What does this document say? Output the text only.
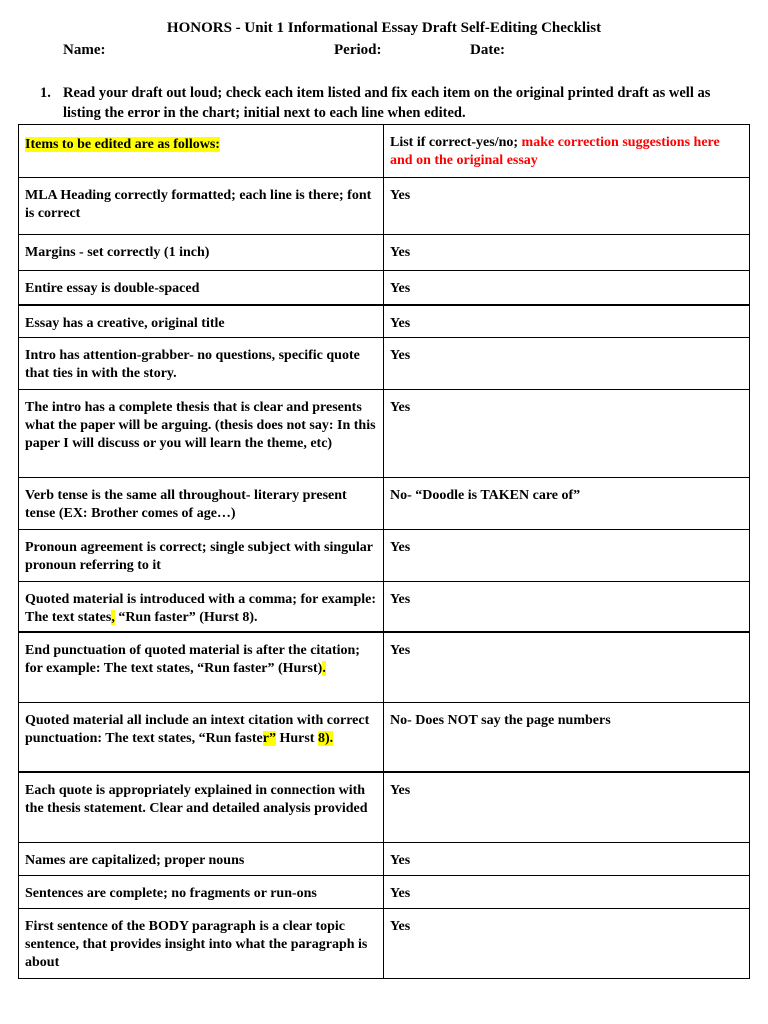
HONORS - Unit 1 Informational Essay Draft Self-Editing Checklist
Name:	Period:	Date:
1. Read your draft out loud; check each item listed and fix each item on the original printed draft as well as listing the error in the chart; initial next to each line when edited.
Items to be edited are as follows:	List if correct-yes/no; make correction suggestions here and on the original essay
MLA Heading correctly formatted; each line is there; font is correct	Yes
Margins - set correctly (1 inch)	Yes
Entire essay is double-spaced	Yes
Essay has a creative, original title	Yes
Intro has attention-grabber- no questions, specific quote that ties in with the story.	Yes
The intro has a complete thesis that is clear and presents what the paper will be arguing. (thesis does not say: In this paper I will discuss or you will learn the theme, etc)	Yes
Verb tense is the same all throughout- literary present tense (EX: Brother comes of age…)	No- “Doodle is TAKEN care of”
Pronoun agreement is correct; single subject with singular pronoun referring to it	Yes
Quoted material is introduced with a comma; for example: The text states, “Run faster” (Hurst 8).	Yes
End punctuation of quoted material is after the citation; for example: The text states, “Run faster” (Hurst).	Yes
Quoted material all include an intext citation with correct punctuation: The text states, “Run faster” Hurst 8).	No- Does NOT say the page numbers
Each quote is appropriately explained in connection with the thesis statement. Clear and detailed analysis provided	Yes
Names are capitalized; proper nouns	Yes
Sentences are complete; no fragments or run-ons	Yes
First sentence of the BODY paragraph is a clear topic sentence, that provides insight into what the paragraph is about	Yes
